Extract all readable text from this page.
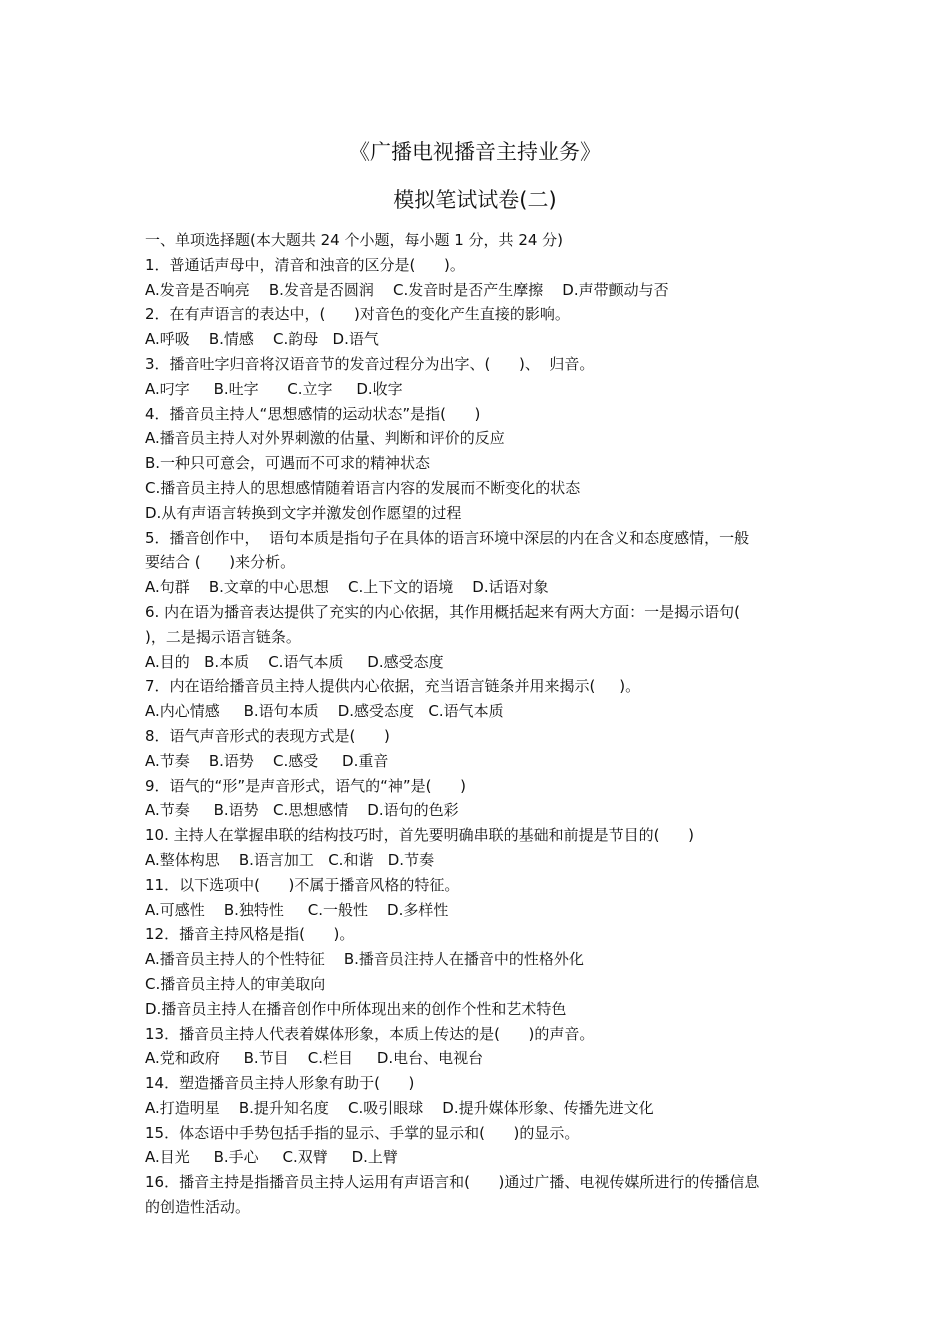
《广播电视播音主持业务》
模拟笔试试卷(二)
一、单项选择题(本大题共 24 个小题，每小题 1 分，共 24 分)
1．普通话声母中，清音和浊音的区分是(      )。
A.发音是否响亮    B.发音是否圆润    C.发音时是否产生摩擦    D.声带颤动与否
2．在有声语言的表达中，(      )对音色的变化产生直接的影响。
A.呼吸    B.情感    C.韵母   D.语气
3．播音吐字归音将汉语音节的发音过程分为出字、(      )、  归音。
A.叼字     B.吐字      C.立字     D.收字
4．播音员主持人“思想感情的运动状态”是指(      )
A.播音员主持人对外界刺激的估量、判断和评价的反应
B.一种只可意会，可遇而不可求的精神状态
C.播音员主持人的思想感情随着语言内容的发展而不断变化的状态
D.从有声语言转换到文字并激发创作愿望的过程
5．播音创作中，  语句本质是指句子在具体的语言环境中深层的内在含义和态度感情，一般
要结合 (      )来分析。
A.句群    B.文章的中心思想    C.上下文的语境    D.话语对象
6. 内在语为播音表达提供了充实的内心依据，其作用概括起来有两大方面：一是揭示语句(
)，二是揭示语言链条。
A.目的   B.本质    C.语气本质     D.感受态度
7．内在语给播音员主持人提供内心依据，充当语言链条并用来揭示(     )。
A.内心情感     B.语句本质    D.感受态度   C.语气本质
8．语气声音形式的表现方式是(      )
A.节奏    B.语势    C.感受     D.重音
9．语气的“形”是声音形式，语气的“神”是(      )
A.节奏     B.语势   C.思想感情    D.语句的色彩
10. 主持人在掌握串联的结构技巧时，首先要明确串联的基础和前提是节目的(      )
A.整体构思    B.语言加工   C.和谐   D.节奏
11．以下选项中(      )不属于播音风格的特征。
A.可感性    B.独特性     C.一般性    D.多样性
12．播音主持风格是指(      )。
A.播音员主持人的个性特征    B.播音员注持人在播音中的性格外化
C.播音员主持人的审美取向
D.播音员主持人在播音创作中所体现出来的创作个性和艺术特色
13．播音员主持人代表着媒体形象，本质上传达的是(      )的声音。
A.党和政府     B.节目    C.栏目     D.电台、电视台
14．塑造播音员主持人形象有助于(      )
A.打造明星    B.提升知名度    C.吸引眼球    D.提升媒体形象、传播先进文化
15．体态语中手势包括手指的显示、手掌的显示和(      )的显示。
A.目光     B.手心     C.双臂     D.上臂
16．播音主持是指播音员主持人运用有声语言和(      )通过广播、电视传媒所进行的传播信息
的创造性活动。
